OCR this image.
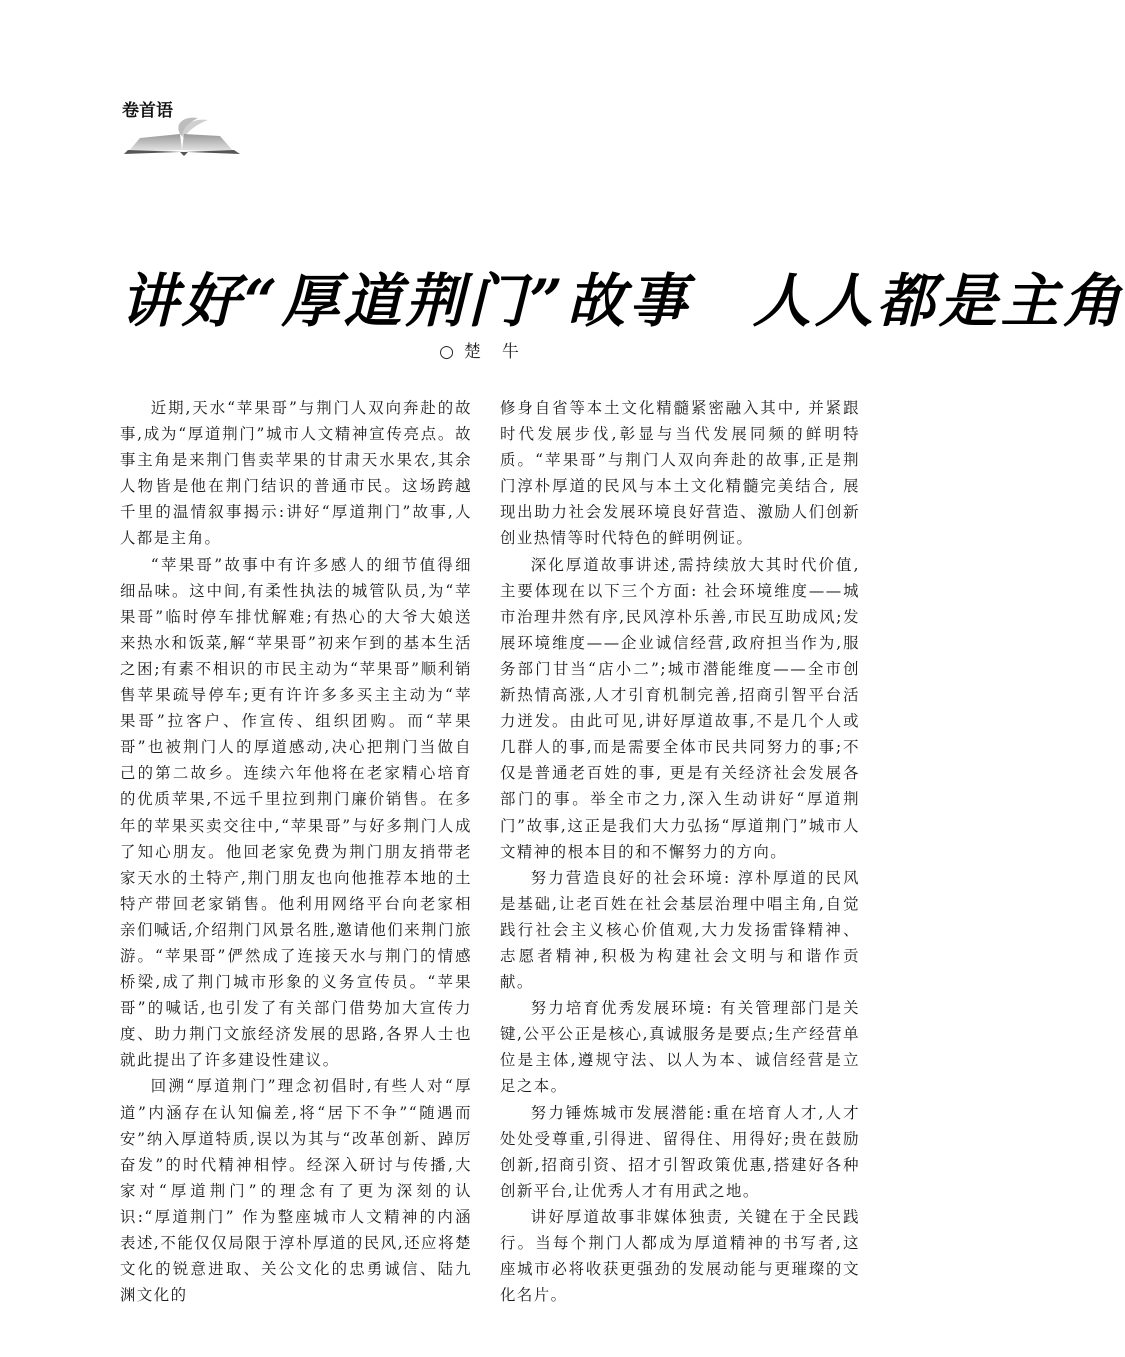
卷首语
讲好“厚道荆门”故事　人人都是主角
○ 楚　牛

近期,天水“苹果哥”与荆门人双向奔赴的故事,成为“厚道荆门”城市人文精神宣传亮点。故事主角是来荆门售卖苹果的甘肃天水果农,其余人物皆是他在荆门结识的普通市民。这场跨越千里的温情叙事揭示:讲好“厚道荆门”故事,人人都是主角。

“苹果哥”故事中有许多感人的细节值得细细品味。这中间,有柔性执法的城管队员,为“苹果哥”临时停车排忧解难;有热心的大爷大娘送来热水和饭菜,解“苹果哥”初来乍到的基本生活之困;有素不相识的市民主动为“苹果哥”顺利销售苹果疏导停车;更有许许多多买主主动为“苹果哥”拉客户、作宣传、组织团购。而“苹果哥”也被荆门人的厚道感动,决心把荆门当做自己的第二故乡。连续六年他将在老家精心培育的优质苹果,不远千里拉到荆门廉价销售。在多年的苹果买卖交往中,“苹果哥”与好多荆门人成了知心朋友。他回老家免费为荆门朋友捎带老家天水的土特产,荆门朋友也向他推荐本地的土特产带回老家销售。他利用网络平台向老家相亲们喊话,介绍荆门风景名胜,邀请他们来荆门旅游。“苹果哥”俨然成了连接天水与荆门的情感桥梁,成了荆门城市形象的义务宣传员。“苹果哥”的喊话,也引发了有关部门借势加大宣传力度、助力荆门文旅经济发展的思路,各界人士也就此提出了许多建设性建议。

回溯“厚道荆门”理念初倡时,有些人对“厚道”内涵存在认知偏差,将“居下不争”“随遇而安”纳入厚道特质,误以为其与“改革创新、踔厉奋发”的时代精神相悖。经深入研讨与传播,大家对“厚道荆门”的理念有了更为深刻的认识:“厚道荆门” 作为整座城市人文精神的内涵表述,不能仅仅局限于淳朴厚道的民风,还应将楚文化的锐意进取、关公文化的忠勇诚信、陆九渊文化的

修身自省等本土文化精髓紧密融入其中, 并紧跟时代发展步伐,彰显与当代发展同频的鲜明特质。“苹果哥”与荆门人双向奔赴的故事,正是荆门淳朴厚道的民风与本土文化精髓完美结合, 展现出助力社会发展环境良好营造、激励人们创新创业热情等时代特色的鲜明例证。

深化厚道故事讲述,需持续放大其时代价值,主要体现在以下三个方面: 社会环境维度——城市治理井然有序,民风淳朴乐善,市民互助成风;发展环境维度——企业诚信经营,政府担当作为,服务部门甘当“店小二”;城市潜能维度——全市创新热情高涨,人才引育机制完善,招商引智平台活力迸发。由此可见,讲好厚道故事,不是几个人或几群人的事,而是需要全体市民共同努力的事;不仅是普通老百姓的事, 更是有关经济社会发展各部门的事。举全市之力,深入生动讲好“厚道荆门”故事,这正是我们大力弘扬“厚道荆门”城市人文精神的根本目的和不懈努力的方向。

努力营造良好的社会环境: 淳朴厚道的民风是基础,让老百姓在社会基层治理中唱主角,自觉践行社会主义核心价值观,大力发扬雷锋精神、志愿者精神,积极为构建社会文明与和谐作贡献。

努力培育优秀发展环境: 有关管理部门是关键,公平公正是核心,真诚服务是要点;生产经营单位是主体,遵规守法、以人为本、诚信经营是立足之本。

努力锤炼城市发展潜能:重在培育人才,人才处处受尊重,引得进、留得住、用得好;贵在鼓励创新,招商引资、招才引智政策优惠,搭建好各种创新平台,让优秀人才有用武之地。

讲好厚道故事非媒体独责, 关键在于全民践行。当每个荆门人都成为厚道精神的书写者,这座城市必将收获更强劲的发展动能与更璀璨的文化名片。
